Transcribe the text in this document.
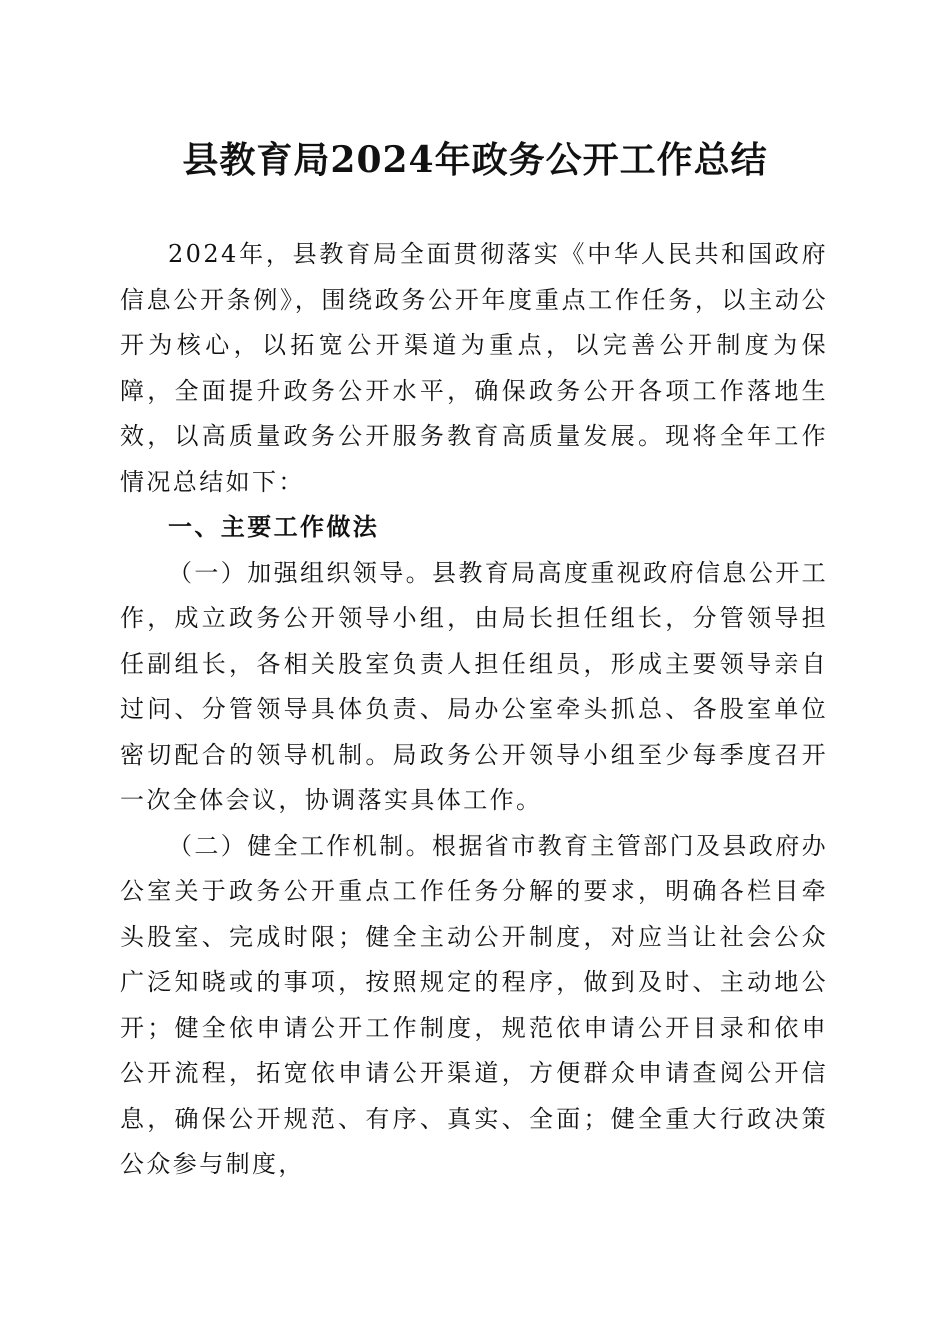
县教育局2024年政务公开工作总结

2024年，县教育局全面贯彻落实《中华人民共和国政府信息公开条例》，围绕政务公开年度重点工作任务，以主动公开为核心，以拓宽公开渠道为重点，以完善公开制度为保障，全面提升政务公开水平，确保政务公开各项工作落地生效，以高质量政务公开服务教育高质量发展。现将全年工作情况总结如下：

一、主要工作做法

（一）加强组织领导。县教育局高度重视政府信息公开工作，成立政务公开领导小组，由局长担任组长，分管领导担任副组长，各相关股室负责人担任组员，形成主要领导亲自过问、分管领导具体负责、局办公室牵头抓总、各股室单位密切配合的领导机制。局政务公开领导小组至少每季度召开一次全体会议，协调落实具体工作。

（二）健全工作机制。根据省市教育主管部门及县政府办公室关于政务公开重点工作任务分解的要求，明确各栏目牵头股室、完成时限；健全主动公开制度，对应当让社会公众广泛知晓或的事项，按照规定的程序，做到及时、主动地公开；健全依申请公开工作制度，规范依申请公开目录和依申公开流程，拓宽依申请公开渠道，方便群众申请查阅公开信息，确保公开规范、有序、真实、全面；健全重大行政决策公众参与制度，
